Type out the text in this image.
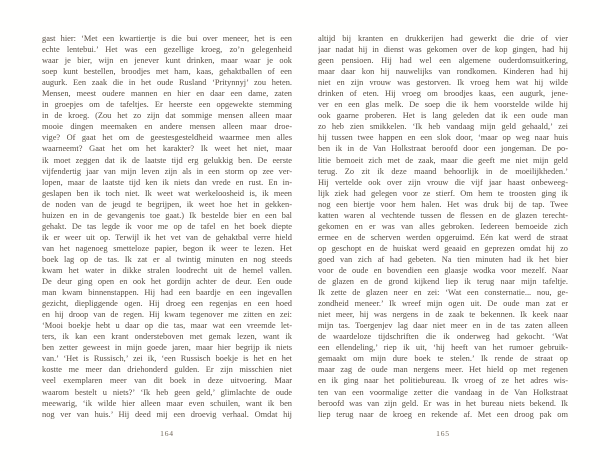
gast hier: ‘Met een kwartiertje is die bui over meneer, het is een
echte lentebui.’ Het was een gezellige kroeg, zo’n gelegenheid
waar je bier, wijn en jenever kunt drinken, maar waar je ook
soep kunt bestellen, broodjes met ham, kaas, gehaktballen of een
augurk. Een zaak die in het oude Rusland ‘Pritynnyj’ zou heten.
Mensen, meest oudere mannen en hier en daar een dame, zaten
in groepjes om de tafeltjes. Er heerste een opgewekte stemming
in de kroeg. (Zou het zo zijn dat sommige mensen alleen maar
mooie dingen meemaken en andere mensen alleen maar droe-
vige? Of gaat het om de geestesgesteldheid waarmee men alles
waarneemt? Gaat het om het karakter? Ik weet het niet, maar
ik moet zeggen dat ik de laatste tijd erg gelukkig ben. De eerste
vijfendertig jaar van mijn leven zijn als in een storm op zee ver-
lopen, maar de laatste tijd ken ik niets dan vrede en rust. En in-
geslapen ben ik toch niet. Ik weet wat werkeloosheid is, ik meen
de noden van de jeugd te begrijpen, ik weet hoe het in gekken-
huizen en in de gevangenis toe gaat.) Ik bestelde bier en een bal
gehakt. De tas legde ik voor me op de tafel en het boek diepte
ik er weer uit op. Terwijl ik het vet van de gehaktbal verre hield
van het nagenoeg smetteloze papier, begon ik weer te lezen. Het
boek lag op de tas. Ik zat er al twintig minuten en nog steeds
kwam het water in dikke stralen loodrecht uit de hemel vallen.
De deur ging open en ook het gordijn achter de deur. Een oude
man kwam binnenstappen. Hij had een baardje en een ingevallen
gezicht, diepliggende ogen. Hij droeg een regenjas en een hoed
en hij droop van de regen. Hij kwam tegenover me zitten en zei:
‘Mooi boekje hebt u daar op die tas, maar wat een vreemde let-
ters, ik kan een krant ondersteboven met gemak lezen, want ik
ben zetter geweest in mijn goede jaren, maar hier begrijp ik niets
van.’ ‘Het is Russisch,’ zei ik, ‘een Russisch boekje is het en het
kostte me meer dan driehonderd gulden. Er zijn misschien niet
veel exemplaren meer van dit boek in deze uitvoering. Maar
waarom bestelt u niets?’ ‘Ik heb geen geld,’ glimlachte de oude
meewarig, ‘ik wilde hier alleen maar even schuilen, want ik ben
nog ver van huis.’ Hij deed mij een droevig verhaal. Omdat hij
164
altijd bij kranten en drukkerijen had gewerkt die drie of vier
jaar nadat hij in dienst was gekomen over de kop gingen, had hij
geen pensioen. Hij had wel een algemene ouderdomsuitkering,
maar daar kon hij nauwelijks van rondkomen. Kinderen had hij
niet en zijn vrouw was gestorven. Ik vroeg hem wat hij wilde
drinken of eten. Hij vroeg om broodjes kaas, een augurk, jene-
ver en een glas melk. De soep die ik hem voorstelde wilde hij
ook gaarne proberen. Het is lang geleden dat ik een oude man
zo heb zien smikkelen. ‘Ik heb vandaag mijn geld gehaald,’ zei
hij tussen twee happen en een slok door, ‘maar op weg naar huis
ben ik in de Van Holkstraat beroofd door een jongeman. De po-
litie bemoeit zich met de zaak, maar die geeft me niet mijn geld
terug. Zo zit ik deze maand behoorlijk in de moeilijkheden.’
Hij vertelde ook over zijn vrouw die vijf jaar haast onbeweeg-
lijk ziek had gelegen voor ze stierf. Om hem te troosten ging ik
nog een biertje voor hem halen. Het was druk bij de tap. Twee
katten waren al vechtende tussen de flessen en de glazen terecht-
gekomen en er was van alles gebroken. Iedereen bemoeide zich
ermee en de scherven werden opgeruimd. Eén kat werd de straat
op geschopt en de huiskat werd geaaid en geprezen omdat hij zo
goed van zich af had gebeten. Na tien minuten had ik het bier
voor de oude en bovendien een glaasje wodka voor mezelf. Naar
de glazen en de grond kijkend liep ik terug naar mijn tafeltje.
Ik zette de glazen neer en zei: ‘Wat een consternatie... nou, ge-
zondheid meneer.’ Ik wreef mijn ogen uit. De oude man zat er
niet meer, hij was nergens in de zaak te bekennen. Ik keek naar
mijn tas. Toergenjev lag daar niet meer en in de tas zaten alleen
de waardeloze tijdschriften die ik onderweg had gekocht. ‘Wat
een ellendeling,’ riep ik uit, ‘hij heeft van het rumoer gebruik-
gemaakt om mijn dure boek te stelen.’ Ik rende de straat op
maar zag de oude man nergens meer. Het hield op met regenen
en ik ging naar het politiebureau. Ik vroeg of ze het adres wis-
ten van een voormalige zetter die vandaag in de Van Holkstraat
beroofd was van zijn geld. Er was in het bureau niets bekend. Ik
liep terug naar de kroeg en rekende af. Met een droog pak om
165
